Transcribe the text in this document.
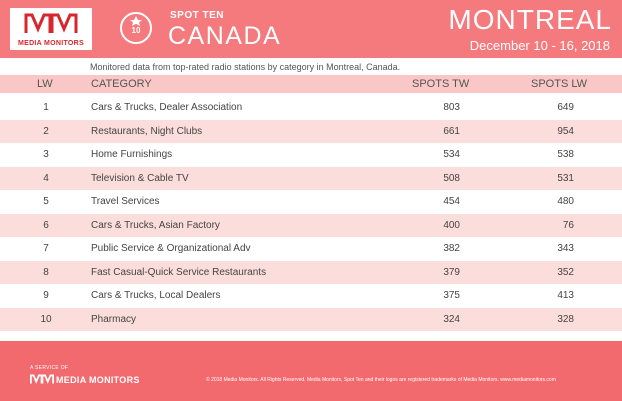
MEDIA MONITORS
10
SPOT TEN
CANADA
MONTREAL
December 10 - 16, 2018
Monitored data from top-rated radio stations by category in Montreal, Canada.
LW	CATEGORY	SPOTS TW	SPOTS LW
1	Cars & Trucks, Dealer Association	803	649
2	Restaurants, Night Clubs	661	954
3	Home Furnishings	534	538
4	Television & Cable TV	508	531
5	Travel Services	454	480
6	Cars & Trucks, Asian Factory	400	76
7	Public Service & Organizational Adv	382	343
8	Fast Casual-Quick Service Restaurants	379	352
9	Cars & Trucks, Local Dealers	375	413
10	Pharmacy	324	328
A SERVICE OF
MEDIA MONITORS	© 2018 Media Monitors. All Rights Reserved. Media Monitors, Spot Ten and their logos are registered trademarks of Media Monitors. www.mediamonitors.com
